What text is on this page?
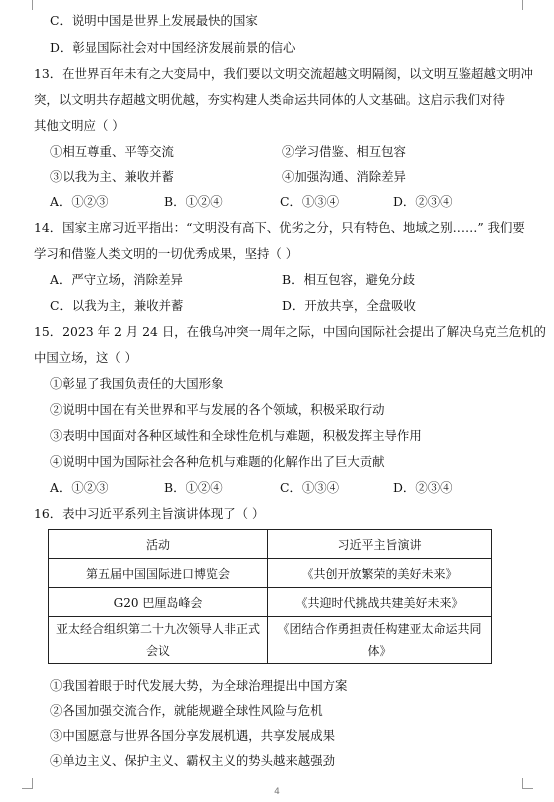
C．说明中国是世界上发展最快的国家
D．彰显国际社会对中国经济发展前景的信心
13．在世界百年未有之大变局中，我们要以文明交流超越文明隔阂，以文明互鉴超越文明冲
突，以文明共存超越文明优越，夯实构建人类命运共同体的人文基础。这启示我们对待
其他文明应（ ）
①相互尊重、平等交流	②学习借鉴、相互包容
③以我为主、兼收并蓄	④加强沟通、消除差异
A．①②③	B．①②④	C．①③④	D．②③④
14．国家主席习近平指出：“文明没有高下、优劣之分，只有特色、地域之别……” 我们要
学习和借鉴人类文明的一切优秀成果，坚持（ ）
A．严守立场，消除差异	B．相互包容，避免分歧
C．以我为主，兼收并蓄	D．开放共享，全盘吸收
15．2023 年 2 月 24 日，在俄乌冲突一周年之际，中国向国际社会提出了解决乌克兰危机的
中国立场，这（ ）
①彰显了我国负责任的大国形象
②说明中国在有关世界和平与发展的各个领域，积极采取行动
③表明中国面对各种区域性和全球性危机与难题，积极发挥主导作用
④说明中国为国际社会各种危机与难题的化解作出了巨大贡献
A．①②③	B．①②④	C．①③④	D．②③④
16．表中习近平系列主旨演讲体现了（ ）
活动	习近平主旨演讲
第五届中国国际进口博览会	《共创开放繁荣的美好未来》
G20 巴厘岛峰会	《共迎时代挑战共建美好未来》
亚太经合组织第二十九次领导人非正式会议	《团结合作勇担责任构建亚太命运共同体》
①我国着眼于时代发展大势，为全球治理提出中国方案
②各国加强交流合作，就能规避全球性风险与危机
③中国愿意与世界各国分享发展机遇，共享发展成果
④单边主义、保护主义、霸权主义的势头越来越强劲
4
